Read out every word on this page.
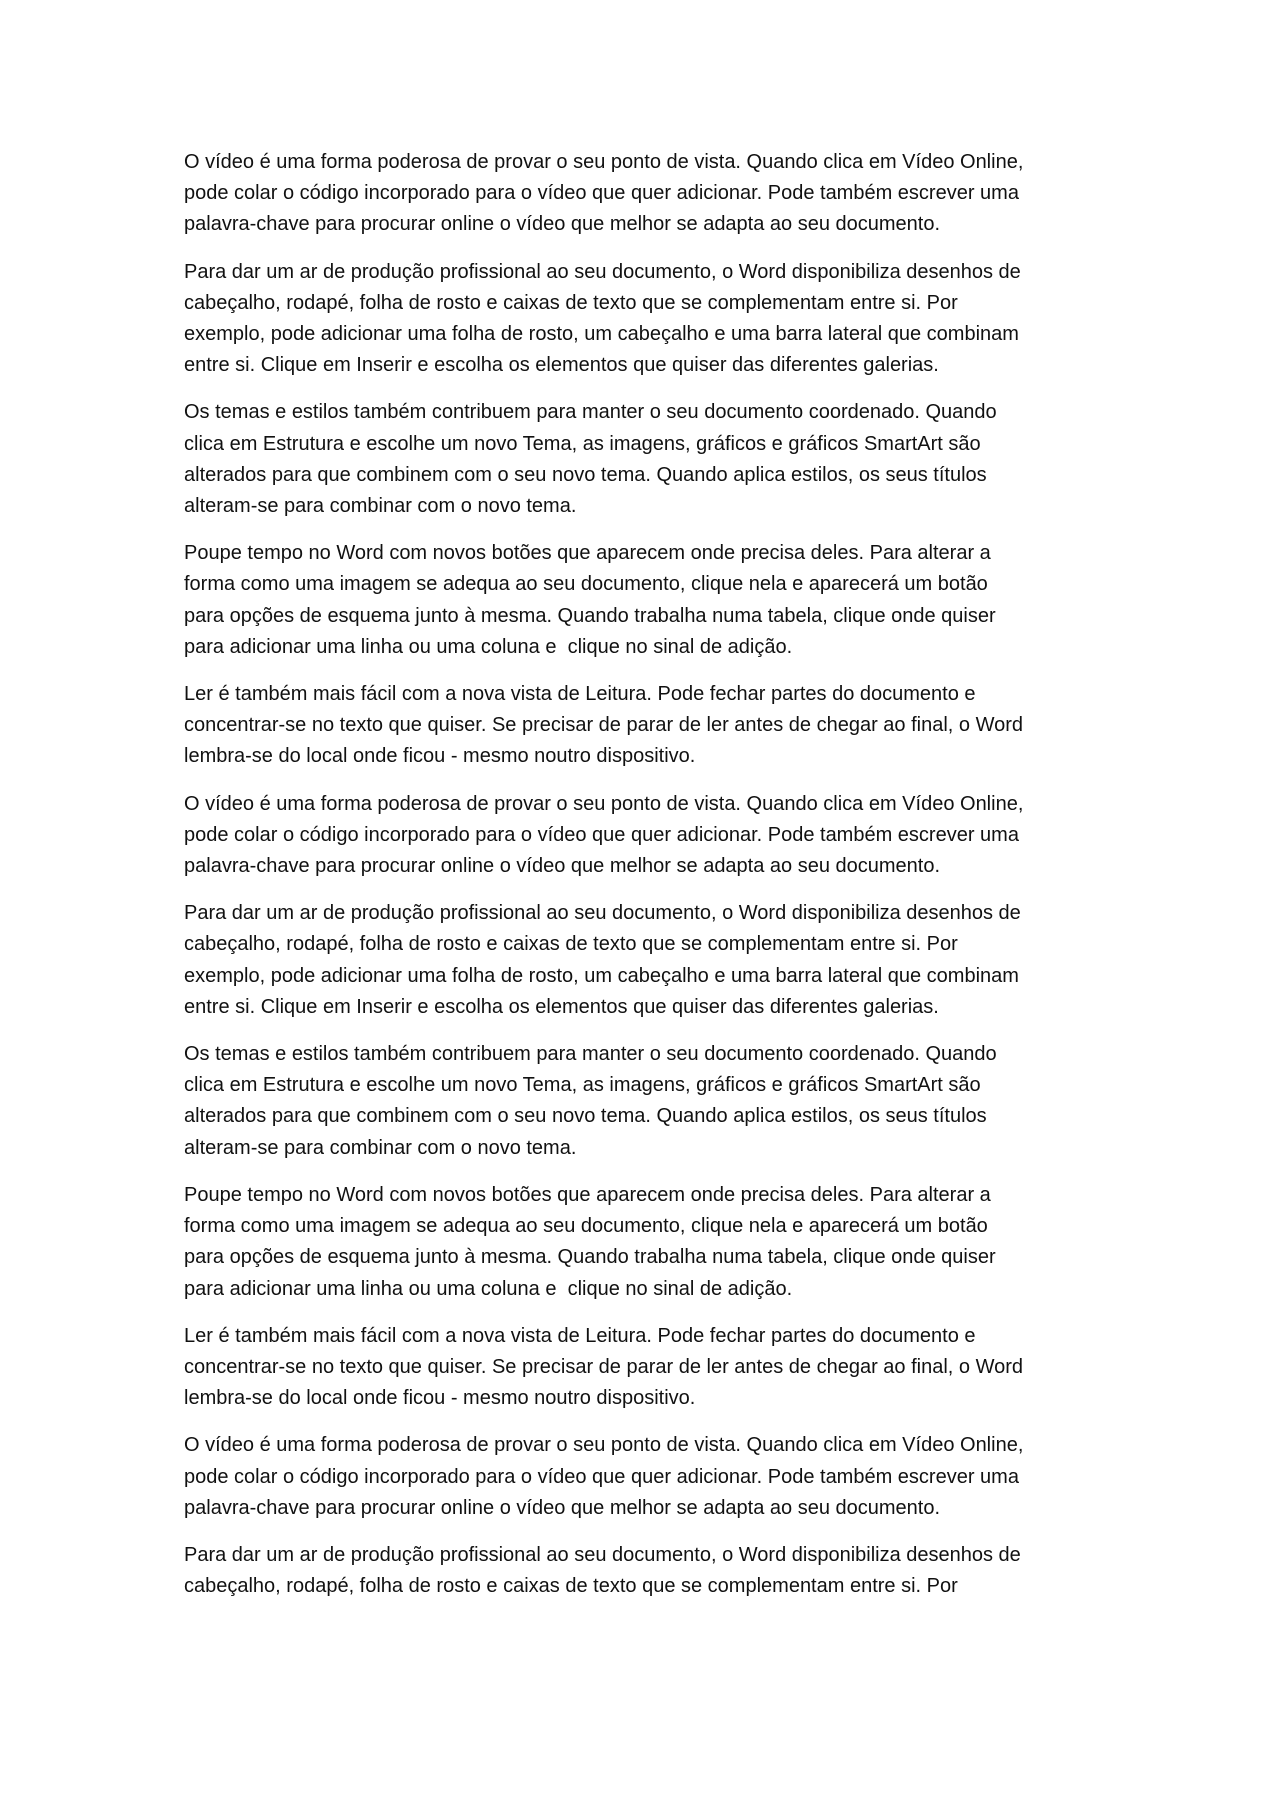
O vídeo é uma forma poderosa de provar o seu ponto de vista. Quando clica em Vídeo Online,
pode colar o código incorporado para o vídeo que quer adicionar. Pode também escrever uma
palavra-chave para procurar online o vídeo que melhor se adapta ao seu documento.
Para dar um ar de produção profissional ao seu documento, o Word disponibiliza desenhos de
cabeçalho, rodapé, folha de rosto e caixas de texto que se complementam entre si. Por
exemplo, pode adicionar uma folha de rosto, um cabeçalho e uma barra lateral que combinam
entre si. Clique em Inserir e escolha os elementos que quiser das diferentes galerias.
Os temas e estilos também contribuem para manter o seu documento coordenado. Quando
clica em Estrutura e escolhe um novo Tema, as imagens, gráficos e gráficos SmartArt são
alterados para que combinem com o seu novo tema. Quando aplica estilos, os seus títulos
alteram-se para combinar com o novo tema.
Poupe tempo no Word com novos botões que aparecem onde precisa deles. Para alterar a
forma como uma imagem se adequa ao seu documento, clique nela e aparecerá um botão
para opções de esquema junto à mesma. Quando trabalha numa tabela, clique onde quiser
para adicionar uma linha ou uma coluna e  clique no sinal de adição.
Ler é também mais fácil com a nova vista de Leitura. Pode fechar partes do documento e
concentrar-se no texto que quiser. Se precisar de parar de ler antes de chegar ao final, o Word
lembra-se do local onde ficou - mesmo noutro dispositivo.
O vídeo é uma forma poderosa de provar o seu ponto de vista. Quando clica em Vídeo Online,
pode colar o código incorporado para o vídeo que quer adicionar. Pode também escrever uma
palavra-chave para procurar online o vídeo que melhor se adapta ao seu documento.
Para dar um ar de produção profissional ao seu documento, o Word disponibiliza desenhos de
cabeçalho, rodapé, folha de rosto e caixas de texto que se complementam entre si. Por
exemplo, pode adicionar uma folha de rosto, um cabeçalho e uma barra lateral que combinam
entre si. Clique em Inserir e escolha os elementos que quiser das diferentes galerias.
Os temas e estilos também contribuem para manter o seu documento coordenado. Quando
clica em Estrutura e escolhe um novo Tema, as imagens, gráficos e gráficos SmartArt são
alterados para que combinem com o seu novo tema. Quando aplica estilos, os seus títulos
alteram-se para combinar com o novo tema.
Poupe tempo no Word com novos botões que aparecem onde precisa deles. Para alterar a
forma como uma imagem se adequa ao seu documento, clique nela e aparecerá um botão
para opções de esquema junto à mesma. Quando trabalha numa tabela, clique onde quiser
para adicionar uma linha ou uma coluna e  clique no sinal de adição.
Ler é também mais fácil com a nova vista de Leitura. Pode fechar partes do documento e
concentrar-se no texto que quiser. Se precisar de parar de ler antes de chegar ao final, o Word
lembra-se do local onde ficou - mesmo noutro dispositivo.
O vídeo é uma forma poderosa de provar o seu ponto de vista. Quando clica em Vídeo Online,
pode colar o código incorporado para o vídeo que quer adicionar. Pode também escrever uma
palavra-chave para procurar online o vídeo que melhor se adapta ao seu documento.
Para dar um ar de produção profissional ao seu documento, o Word disponibiliza desenhos de
cabeçalho, rodapé, folha de rosto e caixas de texto que se complementam entre si. Por
